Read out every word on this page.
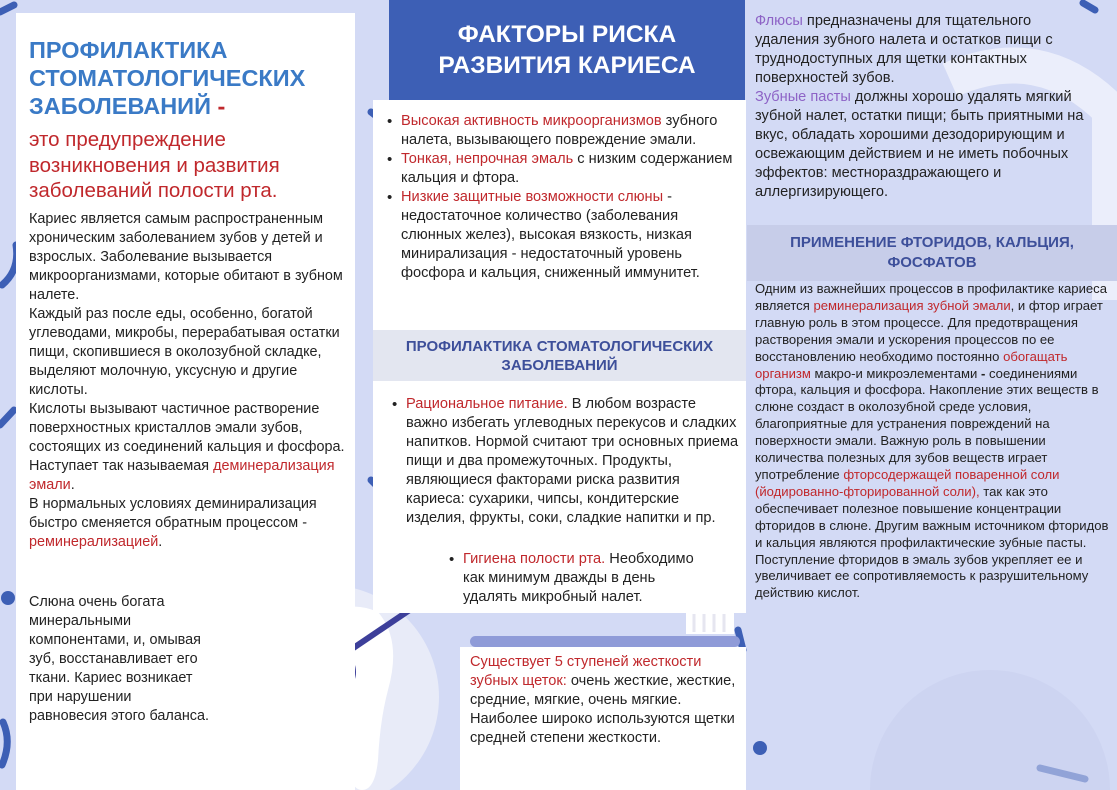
ПРОФИЛАКТИКА СТОМАТОЛОГИЧЕСКИХ ЗАБОЛЕВАНИЙ -
это предупреждение возникновения и развития заболеваний полости рта.

Кариес является самым распространенным хроническим заболеванием зубов у детей и взрослых. Заболевание вызывается микроорганизмами, которые обитают в зубном налете.

Каждый раз после еды, особенно, богатой углеводами, микробы, перерабатывая остатки пищи, скопившиеся в околозубной складке, выделяют молочную, уксусную и другие кислоты.

Кислоты вызывают частичное растворение поверхностных кристаллов эмали зубов, состоящих из соединений кальция и фосфора. Наступает так называемая деминерализация эмали.

В нормальных условиях деминирализация быстро сменяется обратным процессом - реминерализацией.

Слюна очень богата минеральными компонентами, и, омывая зуб, восстанавливает его ткани. Кариес возникает при нарушении равновесия этого баланса.
ФАКТОРЫ РИСКА РАЗВИТИЯ КАРИЕСА
• Высокая активность микроорганизмов зубного налета, вызывающего повреждение эмали.
• Тонкая, непрочная эмаль с низким содержанием кальция и фтора.
• Низкие защитные возможности слюны - недостаточное количество (заболевания слюнных желез), высокая вязкость, низкая минирализация - недостаточный уровень фосфора и кальция, сниженный иммунитет.
ПРОФИЛАКТИКА СТОМАТОЛОГИЧЕСКИХ ЗАБОЛЕВАНИЙ
• Рациональное питание. В любом возрасте важно избегать углеводных перекусов и сладких напитков. Нормой считают три основных приема пищи и два промежуточных. Продукты, являющиеся факторами риска развития кариеса: сухарики, чипсы, кондитерские изделия, фрукты, соки, сладкие напитки и пр.
• Гигиена полости рта. Необходимо как минимум дважды в день удалять микробный налет.
Существует 5 ступеней жесткости зубных щеток: очень жесткие, жесткие, средние, мягкие, очень мягкие. Наиболее широко используются щетки средней степени жесткости.
Флюсы предназначены для тщательного удаления зубного налета и остатков пищи с труднодоступных для щетки контактных поверхностей зубов.
Зубные пасты должны хорошо удалять мягкий зубной налет, остатки пищи; быть приятными на вкус, обладать хорошими дезодорирующим и освежающим действием и не иметь побочных эффектов: местнораздражающего и аллергизирующего.
ПРИМЕНЕНИЕ ФТОРИДОВ, КАЛЬЦИЯ, ФОСФАТОВ
Одним из важнейших процессов в профилактике кариеса является реминерализация зубной эмали, и фтор играет главную роль в этом процессе. Для предотвращения растворения эмали и ускорения процессов по ее восстановлению необходимо постоянно обогащать организм макро-и микроэлементами - соединениями фтора, кальция и фосфора. Накопление этих веществ в слюне создаст в околозубной среде условия, благоприятные для устранения повреждений на поверхности эмали. Важную роль в повышении количества полезных для зубов веществ играет употребление фторсодержащей поваренной соли (йодированно-фторированной соли), так как это обеспечивает полезное повышение концентрации фторидов в слюне. Другим важным источником фторидов и кальция являются профилактические зубные пасты. Поступление фторидов в эмаль зубов укрепляет ее и увеличивает ее сопротивляемость к разрушительному действию кислот.
